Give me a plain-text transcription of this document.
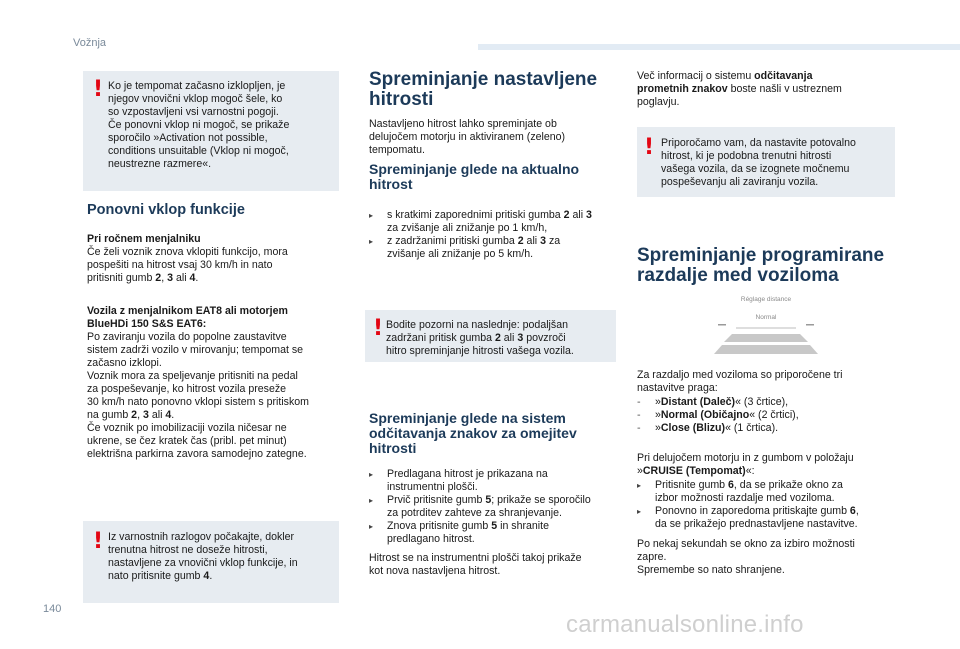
Vožnja
! Ko je tempomat začasno izklopljen, je
njegov vnovični vklop mogoč šele, ko
so vzpostavljeni vsi varnostni pogoji.
Če ponovni vklop ni mogoč, se prikaže
sporočilo »Activation not possible,
conditions unsuitable (Vklop ni mogoč,
neustrezne razmere«.
Ponovni vklop funkcije
Pri ročnem menjalniku
Če želi voznik znova vklopiti funkcijo, mora
pospešiti na hitrost vsaj 30 km/h in nato
pritisniti gumb 2, 3 ali 4.
Vozila z menjalnikom EAT8 ali motorjem
BlueHDi 150 S&S EAT6:
Po zaviranju vozila do popolne zaustavitve
sistem zadrži vozilo v mirovanju; tempomat se
začasno izklopi.
Voznik mora za speljevanje pritisniti na pedal
za pospeševanje, ko hitrost vozila preseže
30 km/h nato ponovno vklopi sistem s pritiskom
na gumb 2, 3 ali 4.
Če voznik po imobilizaciji vozila ničesar ne
ukrene, se čez kratek čas (pribl. pet minut)
elektrišna parkirna zavora samodejno zategne.
! Iz varnostnih razlogov počakajte, dokler
trenutna hitrost ne doseže hitrosti,
nastavljene za vnovični vklop funkcije, in
nato pritisnite gumb 4.
Spreminjanje nastavljene
hitrosti
Nastavljeno hitrost lahko spreminjate ob
delujočem motorju in aktiviranem (zeleno)
tempomatu.
Spreminjanje glede na aktualno
hitrost
▸ s kratkimi zaporednimi pritiski gumba 2 ali 3
za zvišanje ali znižanje po 1 km/h,
▸ z zadržanimi pritiski gumba 2 ali 3 za
zvišanje ali znižanje po 5 km/h.
! Bodite pozorni na naslednje: podaljšan
zadržani pritisk gumba 2 ali 3 povzroči
hitro spreminjanje hitrosti vašega vozila.
Spreminjanje glede na sistem
odčitavanja znakov za omejitev
hitrosti
▸ Predlagana hitrost je prikazana na
instrumentni plošči.
▸ Prvič pritisnite gumb 5; prikaže se sporočilo
za potrditev zahteve za shranjevanje.
▸ Znova pritisnite gumb 5 in shranite
predlagano hitrost.
Hitrost se na instrumentni plošči takoj prikaže
kot nova nastavljena hitrost.
Več informacij o sistemu odčitavanja
prometnih znakov boste našli v ustreznem
poglavju.
! Priporočamo vam, da nastavite potovalno
hitrost, ki je podobna trenutni hitrosti
vašega vozila, da se izognete močnemu
pospeševanju ali zaviranju vozila.
Spreminjanje programirane
razdalje med voziloma
Réglage distance
Normal
Za razdaljo med voziloma so priporočene tri
nastavitve praga:
- »Distant (Daleč)« (3 črtice),
- »Normal (Običajno« (2 črtici),
- »Close (Blizu)« (1 črtica).
Pri delujočem motorju in z gumbom v položaju
»CRUISE (Tempomat)«:
▸ Pritisnite gumb 6, da se prikaže okno za
izbor možnosti razdalje med voziloma.
▸ Ponovno in zaporedoma pritiskajte gumb 6,
da se prikažejo prednastavljene nastavitve.
Po nekaj sekundah se okno za izbiro možnosti
zapre.
Spremembe so nato shranjene.
140
carmanualsonline.info
